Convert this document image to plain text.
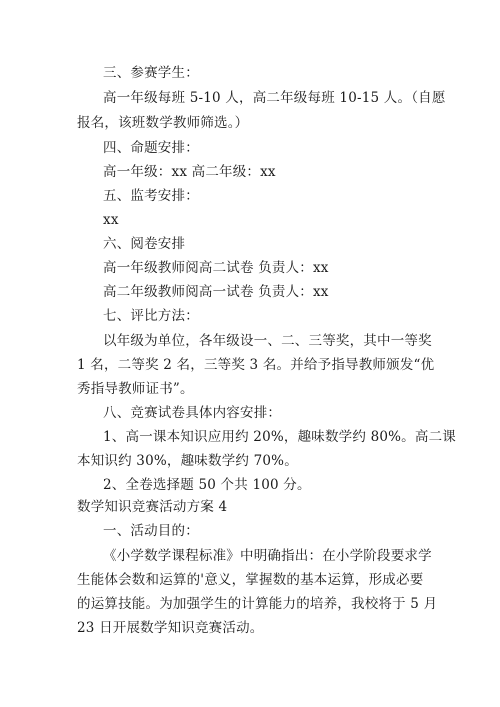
三、参赛学生：
高一年级每班 5-10 人，高二年级每班 10-15 人。（自愿
报名，该班数学教师筛选。）
四、命题安排：
高一年级：xx 高二年级：xx
五、监考安排：
xx
六、阅卷安排
高一年级教师阅高二试卷 负责人：xx
高二年级教师阅高一试卷 负责人：xx
七、评比方法：
以年级为单位，各年级设一、二、三等奖，其中一等奖
1 名，二等奖 2 名，三等奖 3 名。并给予指导教师颁发“优
秀指导教师证书”。
八、竞赛试卷具体内容安排：
1、高一课本知识应用约 20%，趣味数学约 80%。高二课
本知识约 30%，趣味数学约 70%。
2、全卷选择题 50 个共 100 分。
数学知识竞赛活动方案 4
一、活动目的：
《小学数学课程标准》中明确指出：在小学阶段要求学
生能体会数和运算的'意义，掌握数的基本运算，形成必要
的运算技能。为加强学生的计算能力的培养，我校将于 5 月
23 日开展数学知识竞赛活动。
